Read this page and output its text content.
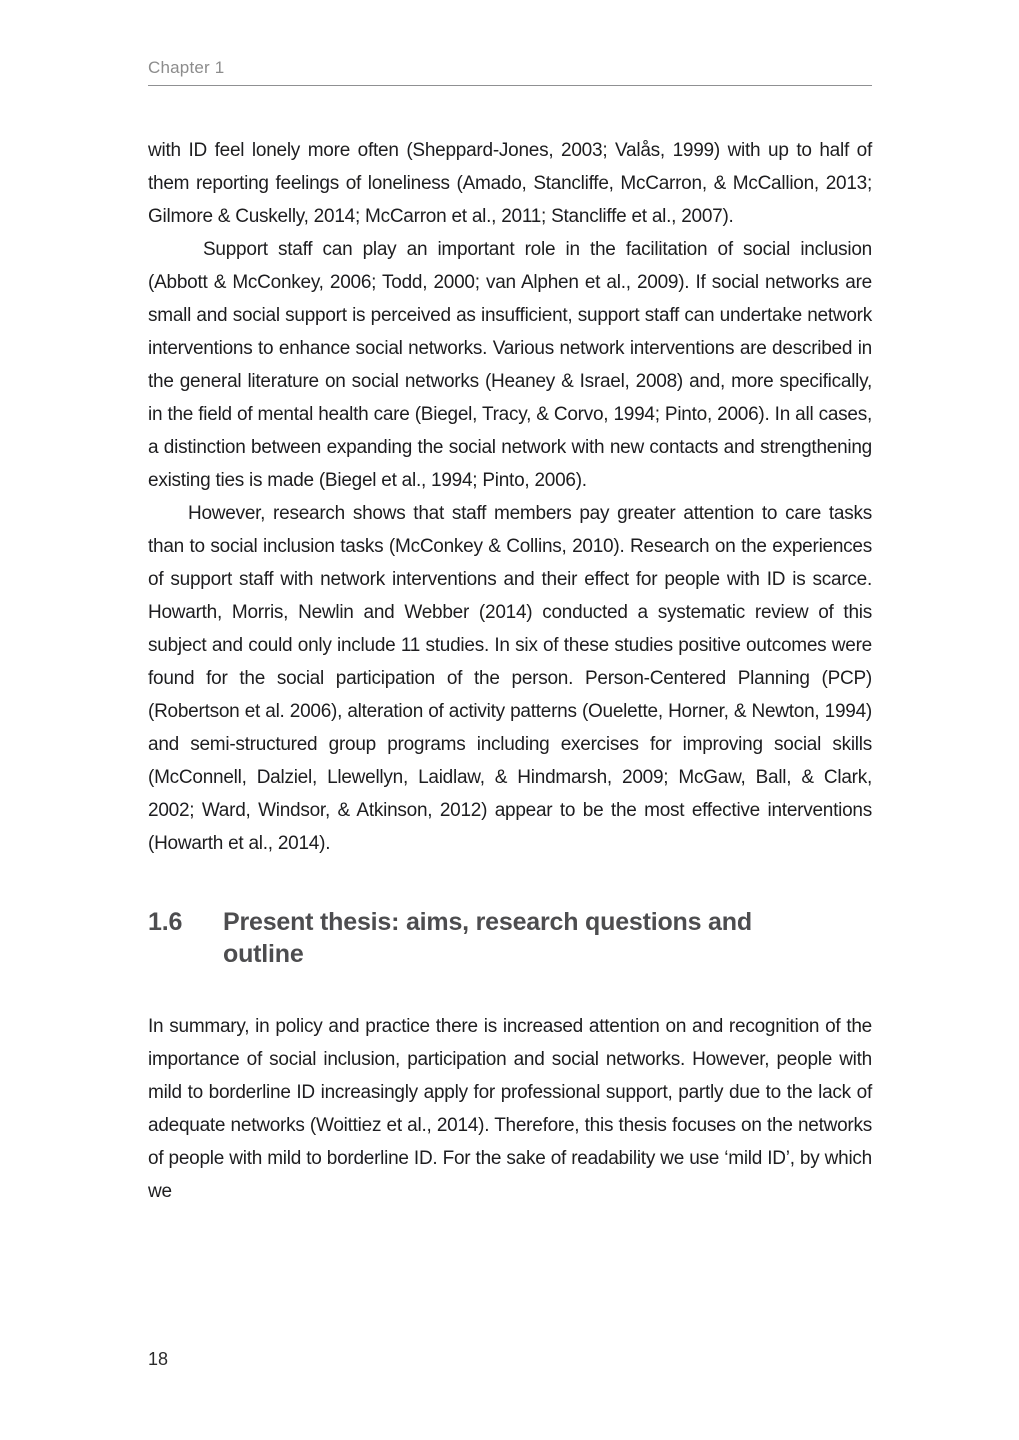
Chapter 1

with ID feel lonely more often (Sheppard-Jones, 2003; Valås, 1999) with up to half of them reporting feelings of loneliness (Amado, Stancliffe, McCarron, & McCallion, 2013; Gilmore & Cuskelly, 2014; McCarron et al., 2011; Stancliffe et al., 2007).

Support staff can play an important role in the facilitation of social inclusion (Abbott & McConkey, 2006; Todd, 2000; van Alphen et al., 2009). If social networks are small and social support is perceived as insufficient, support staff can undertake network interventions to enhance social networks. Various network interventions are described in the general literature on social networks (Heaney & Israel, 2008) and, more specifically, in the field of mental health care (Biegel, Tracy, & Corvo, 1994; Pinto, 2006). In all cases, a distinction between expanding the social network with new contacts and strengthening existing ties is made (Biegel et al., 1994; Pinto, 2006).

However, research shows that staff members pay greater attention to care tasks than to social inclusion tasks (McConkey & Collins, 2010). Research on the experiences of support staff with network interventions and their effect for people with ID is scarce. Howarth, Morris, Newlin and Webber (2014) conducted a systematic review of this subject and could only include 11 studies. In six of these studies positive outcomes were found for the social participation of the person. Person-Centered Planning (PCP) (Robertson et al. 2006), alteration of activity patterns (Ouelette, Horner, & Newton, 1994) and semi-structured group programs including exercises for improving social skills (McConnell, Dalziel, Llewellyn, Laidlaw, & Hindmarsh, 2009; McGaw, Ball, & Clark, 2002; Ward, Windsor, & Atkinson, 2012) appear to be the most effective interventions (Howarth et al., 2014).

1.6	Present thesis: aims, research questions and outline

In summary, in policy and practice there is increased attention on and recognition of the importance of social inclusion, participation and social networks. However, people with mild to borderline ID increasingly apply for professional support, partly due to the lack of adequate networks (Woittiez et al., 2014). Therefore, this thesis focuses on the networks of people with mild to borderline ID. For the sake of readability we use ‘mild ID’, by which we

18
